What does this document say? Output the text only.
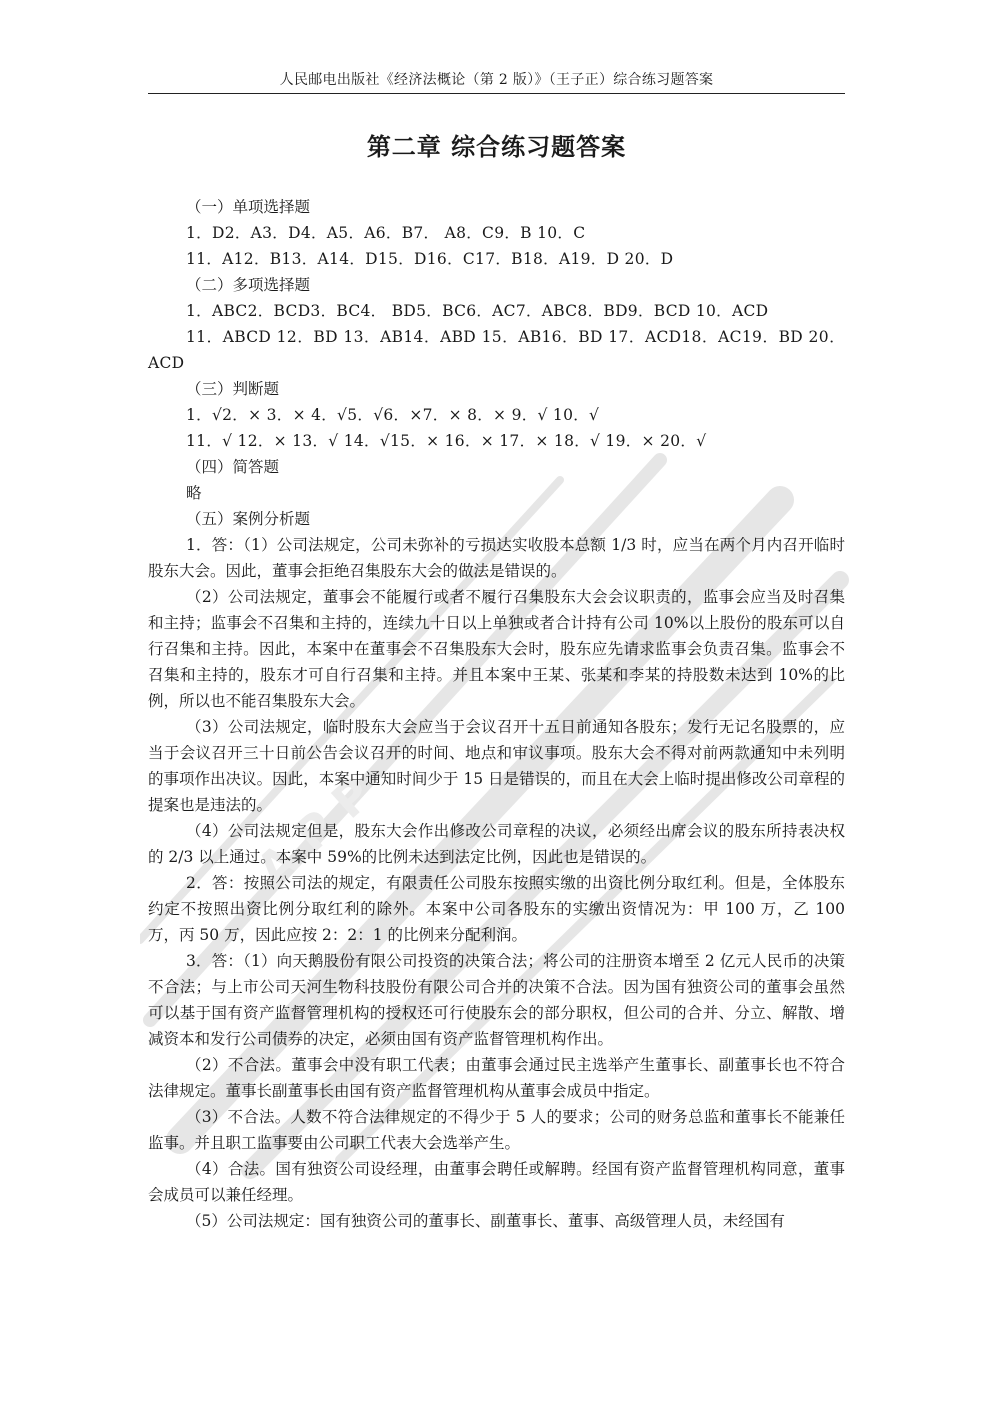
A P P
人民邮电出版社《经济法概论（第 2 版）》（王子正）综合练习题答案
第二章 综合练习题答案

（一）单项选择题

1．D2．A3．D4．A5．A6．B7． A8．C9．B 10．C

11．A12．B13．A14．D15．D16．C17．B18．A19．D 20．D

（二）多项选择题

1．ABC2．BCD3．BC4． BD5．BC6．AC7．ABC8．BD9．BCD 10．ACD

11．ABCD 12．BD 13．AB14．ABD 15．AB16．BD 17．ACD18．AC19．BD 20．ACD

（三）判断题

1．√2．× 3．× 4．√5．√6．×7．× 8．× 9．√ 10．√

11．√ 12．× 13．√ 14．√15．× 16．× 17．× 18．√ 19．× 20．√

（四）简答题

略

（五）案例分析题

1．答：（1）公司法规定，公司未弥补的亏损达实收股本总额 1/3 时，应当在两个月内召开临时股东大会。因此，董事会拒绝召集股东大会的做法是错误的。

（2）公司法规定，董事会不能履行或者不履行召集股东大会会议职责的，监事会应当及时召集和主持；监事会不召集和主持的，连续九十日以上单独或者合计持有公司 10%以上股份的股东可以自行召集和主持。因此，本案中在董事会不召集股东大会时，股东应先请求监事会负责召集。监事会不召集和主持的，股东才可自行召集和主持。并且本案中王某、张某和李某的持股数未达到 10%的比例，所以也不能召集股东大会。

（3）公司法规定，临时股东大会应当于会议召开十五日前通知各股东；发行无记名股票的，应当于会议召开三十日前公告会议召开的时间、地点和审议事项。股东大会不得对前两款通知中未列明的事项作出决议。因此，本案中通知时间少于 15 日是错误的，而且在大会上临时提出修改公司章程的提案也是违法的。

（4）公司法规定但是，股东大会作出修改公司章程的决议，必须经出席会议的股东所持表决权的 2/3 以上通过。本案中 59%的比例未达到法定比例，因此也是错误的。

2．答：按照公司法的规定，有限责任公司股东按照实缴的出资比例分取红利。但是，全体股东约定不按照出资比例分取红利的除外。本案中公司各股东的实缴出资情况为：甲 100 万，乙 100 万，丙 50 万，因此应按 2：2：1 的比例来分配利润。

3．答：（1）向天鹅股份有限公司投资的决策合法；将公司的注册资本增至 2 亿元人民币的决策不合法；与上市公司天河生物科技股份有限公司合并的决策不合法。因为国有独资公司的董事会虽然可以基于国有资产监督管理机构的授权还可行使股东会的部分职权，但公司的合并、分立、解散、增减资本和发行公司债券的决定，必须由国有资产监督管理机构作出。

（2）不合法。董事会中没有职工代表；由董事会通过民主选举产生董事长、副董事长也不符合法律规定。董事长副董事长由国有资产监督管理机构从董事会成员中指定。

（3）不合法。人数不符合法律规定的不得少于 5 人的要求；公司的财务总监和董事长不能兼任监事。并且职工监事要由公司职工代表大会选举产生。

（4）合法。国有独资公司设经理，由董事会聘任或解聘。经国有资产监督管理机构同意，董事会成员可以兼任经理。

（5）公司法规定：国有独资公司的董事长、副董事长、董事、高级管理人员，未经国有
